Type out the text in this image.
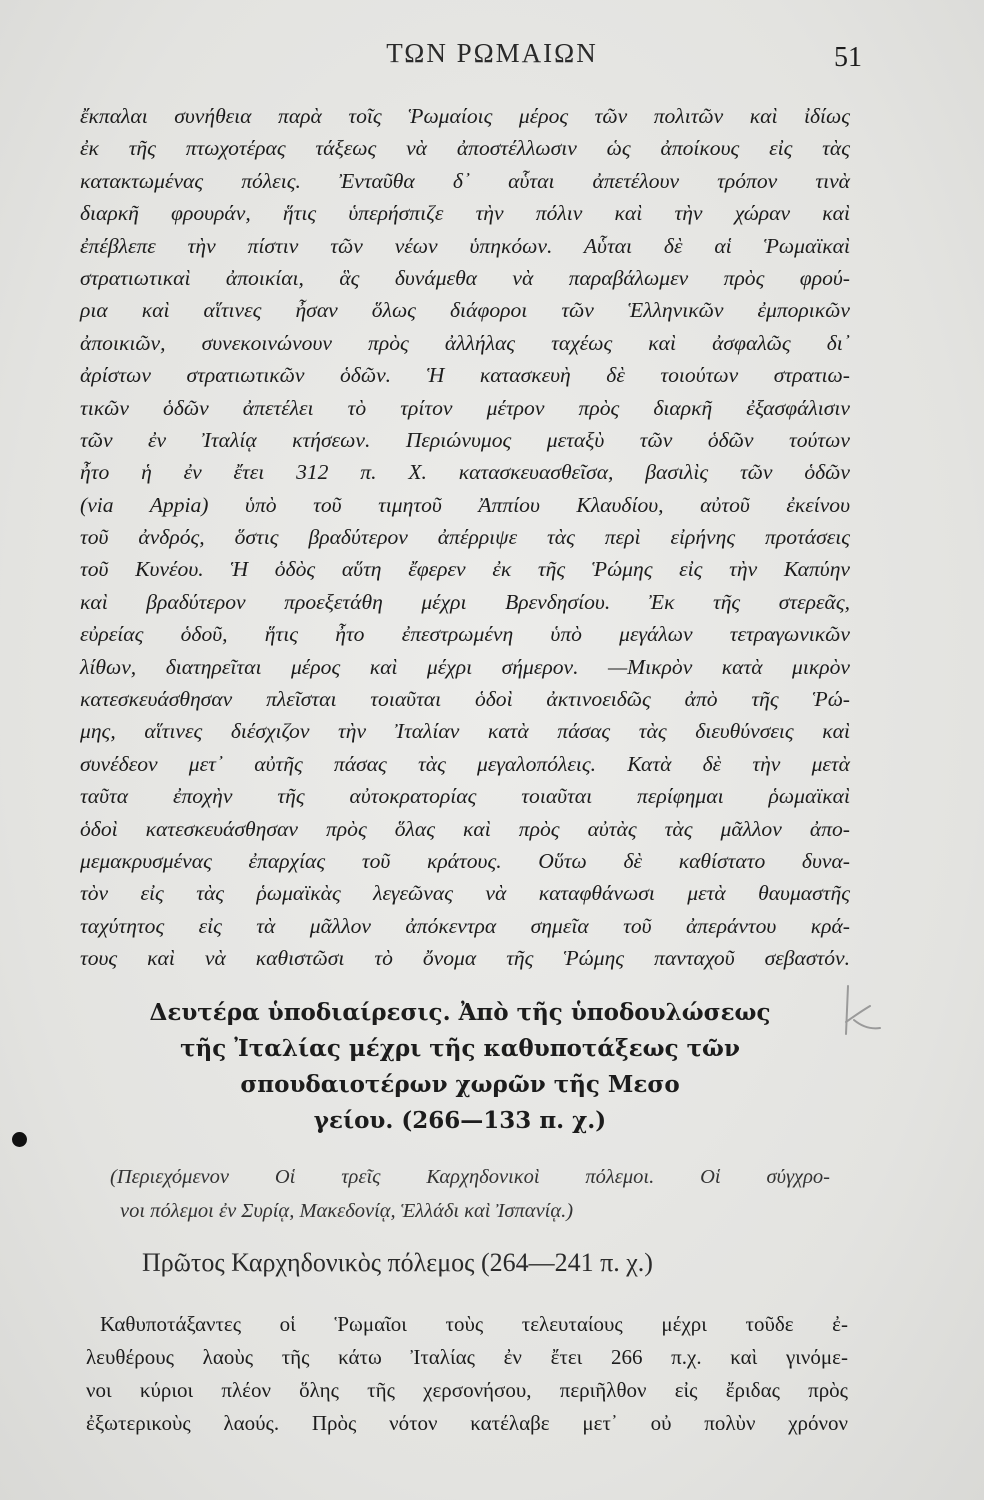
ΤΩΝ ΡΩΜΑΙΩΝ	51
ἔκπαλαι συνήθεια παρὰ τοῖς Ῥωμαίοις μέρος τῶν πολιτῶν καὶ ἰδίως
ἐκ τῆς πτωχοτέρας τάξεως νὰ ἀποστέλλωσιν ὡς ἀποίκους εἰς τὰς
κατακτωμένας πόλεις. Ἐνταῦθα δ᾽ αὗται ἀπετέλουν τρόπον τινὰ
διαρκῆ φρουράν, ἥτις ὑπερήσπιζε τὴν πόλιν καὶ τὴν χώραν καὶ
ἐπέβλεπε τὴν πίστιν τῶν νέων ὑπηκόων. Αὗται δὲ αἱ Ῥωμαϊκαὶ
στρατιωτικαὶ ἀποικίαι, ἃς δυνάμεθα νὰ παραβάλωμεν πρὸς φρού-
ρια καὶ αἵτινες ἦσαν ὅλως διάφοροι τῶν Ἑλληνικῶν ἐμπορικῶν
ἀποικιῶν, συνεκοινώνουν πρὸς ἀλλήλας ταχέως καὶ ἀσφαλῶς δι᾽
ἀρίστων στρατιωτικῶν ὁδῶν. Ἡ κατασκευὴ δὲ τοιούτων στρατιω-
τικῶν ὁδῶν ἀπετέλει τὸ τρίτον μέτρον πρὸς διαρκῆ ἐξασφάλισιν
τῶν ἐν Ἰταλίᾳ κτήσεων. Περιώνυμος μεταξὺ τῶν ὁδῶν τούτων
ἦτο ἡ ἐν ἔτει 312 π. Χ. κατασκευασθεῖσα, βασιλὶς τῶν ὁδῶν
(via Appia) ὑπὸ τοῦ τιμητοῦ Ἀππίου Κλαυδίου, αὐτοῦ ἐκείνου
τοῦ ἀνδρός, ὅστις βραδύτερον ἀπέρριψε τὰς περὶ εἰρήνης προτάσεις
τοῦ Κυνέου. Ἡ ὁδὸς αὕτη ἔφερεν ἐκ τῆς Ῥώμης εἰς τὴν Καπύην
καὶ βραδύτερον προεξετάθη μέχρι Βρενδησίου. Ἐκ τῆς στερεᾶς,
εὐρείας ὁδοῦ, ἥτις ἦτο ἐπεστρωμένη ὑπὸ μεγάλων τετραγωνικῶν
λίθων, διατηρεῖται μέρος καὶ μέχρι σήμερον. —Μικρὸν κατὰ μικρὸν
κατεσκευάσθησαν πλεῖσται τοιαῦται ὁδοὶ ἀκτινοειδῶς ἀπὸ τῆς Ῥώ-
μης, αἵτινες διέσχιζον τὴν Ἰταλίαν κατὰ πάσας τὰς διευθύνσεις καὶ
συνέδεον μετ᾽ αὐτῆς πάσας τὰς μεγαλοπόλεις. Κατὰ δὲ τὴν μετὰ
ταῦτα ἐποχὴν τῆς αὐτοκρατορίας τοιαῦται περίφημαι ῥωμαϊκαὶ
ὁδοὶ κατεσκευάσθησαν πρὸς ὅλας καὶ πρὸς αὐτὰς τὰς μᾶλλον ἀπο-
μεμακρυσμένας ἐπαρχίας τοῦ κράτους. Οὕτω δὲ καθίστατο δυνα-
τὸν εἰς τὰς ῥωμαϊκὰς λεγεῶνας νὰ καταφθάνωσι μετὰ θαυμαστῆς
ταχύτητος εἰς τὰ μᾶλλον ἀπόκεντρα σημεῖα τοῦ ἀπεράντου κρά-
τους καὶ νὰ καθιστῶσι τὸ ὄνομα τῆς Ῥώμης πανταχοῦ σεβαστόν.
Δευτέρα ὑποδιαίρεσις. Ἀπὸ τῆς ὑποδουλώσεως
τῆς Ἰταλίας μέχρι τῆς καθυποτάξεως τῶν
σπουδαιοτέρων χωρῶν τῆς Μεσο
γείου. (266—133 π. χ.)
(Περιεχόμενον Οἱ τρεῖς Καρχηδονικοὶ πόλεμοι. Οἱ σύγχρο-
νοι πόλεμοι ἐν Συρίᾳ, Μακεδονίᾳ, Ἑλλάδι καὶ Ἰσπανίᾳ.)
Πρῶτος Καρχηδονικὸς πόλεμος (264—241 π. χ.)
Καθυποτάξαντες οἱ Ῥωμαῖοι τοὺς τελευταίους μέχρι τοῦδε ἐ-
λευθέρους λαοὺς τῆς κάτω Ἰταλίας ἐν ἔτει 266 π.χ. καὶ γινόμε-
νοι κύριοι πλέον ὅλης τῆς χερσονήσου, περιῆλθον εἰς ἔριδας πρὸς
ἐξωτερικοὺς λαούς. Πρὸς νότον κατέλαβε μετ᾽ οὐ πολὺν χρόνον
